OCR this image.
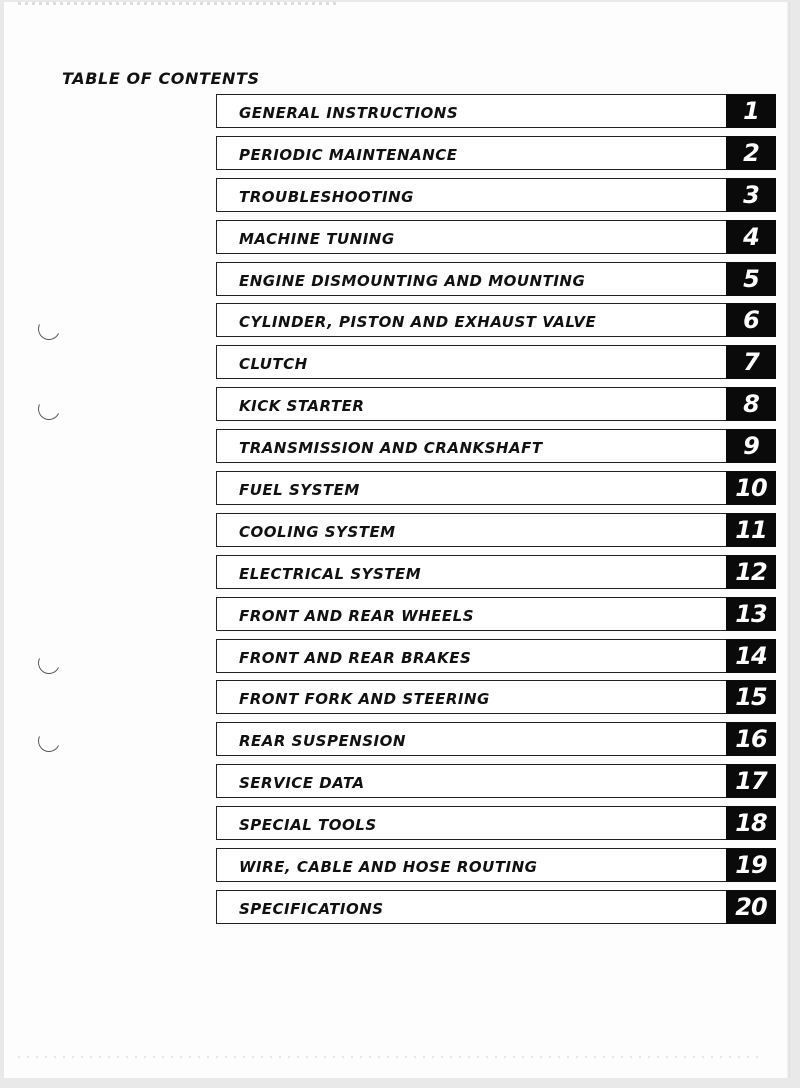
TABLE OF CONTENTS
GENERAL INSTRUCTIONS	1
PERIODIC MAINTENANCE	2
TROUBLESHOOTING	3
MACHINE TUNING	4
ENGINE DISMOUNTING AND MOUNTING	5
CYLINDER, PISTON AND EXHAUST VALVE	6
CLUTCH	7
KICK STARTER	8
TRANSMISSION AND CRANKSHAFT	9
FUEL SYSTEM	10
COOLING SYSTEM	11
ELECTRICAL SYSTEM	12
FRONT AND REAR WHEELS	13
FRONT AND REAR BRAKES	14
FRONT FORK AND STEERING	15
REAR SUSPENSION	16
SERVICE DATA	17
SPECIAL TOOLS	18
WIRE, CABLE AND HOSE ROUTING	19
SPECIFICATIONS	20
